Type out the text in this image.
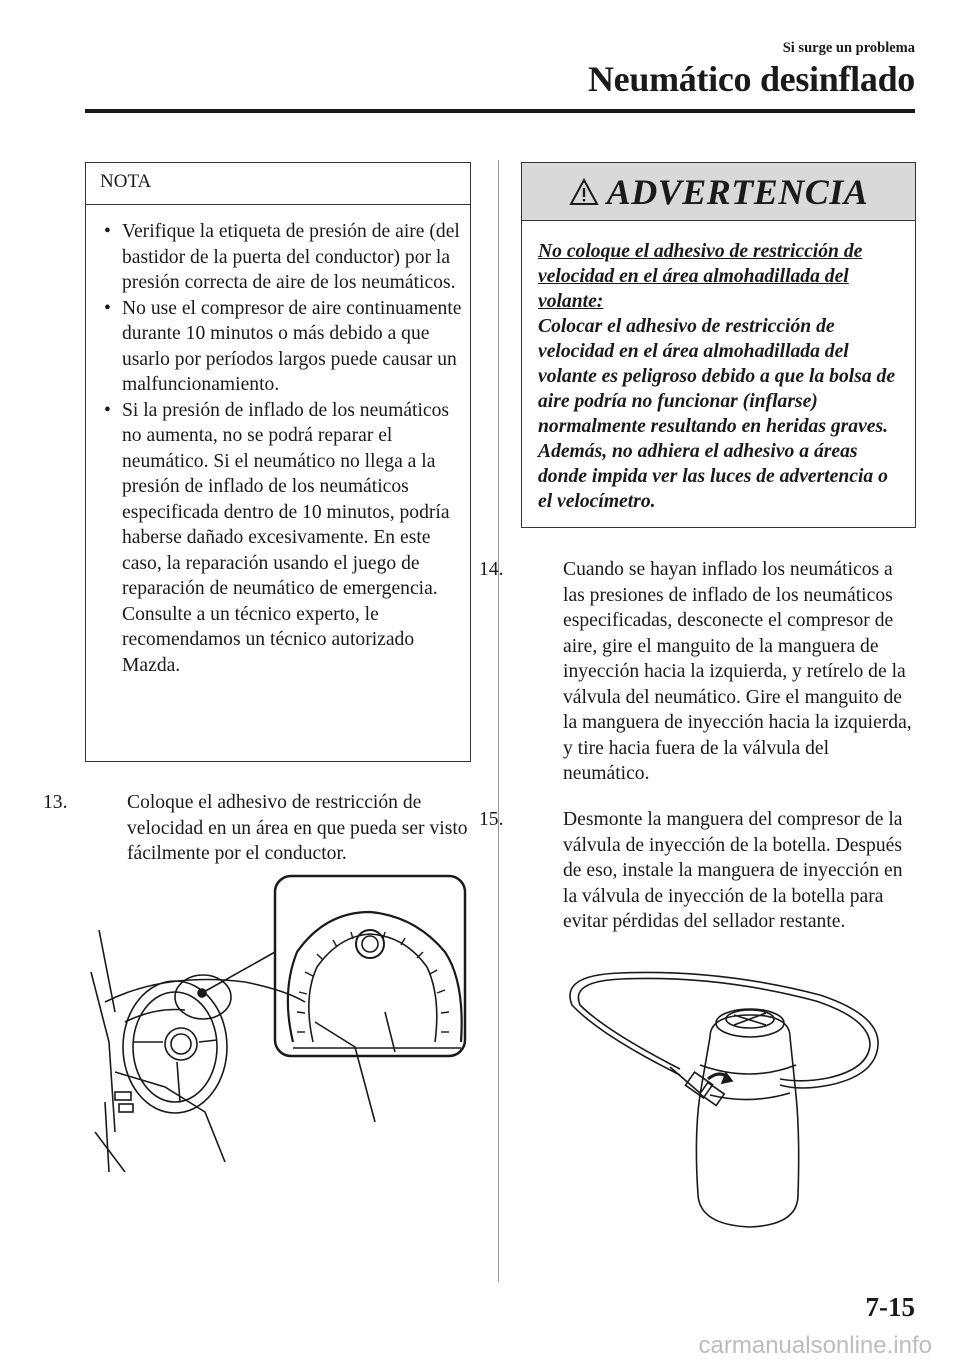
Si surge un problema
Neumático desinflado
NOTA
• Verifique la etiqueta de presión de aire (del bastidor de la puerta del conductor) por la presión correcta de aire de los neumáticos.
• No use el compresor de aire continuamente durante 10 minutos o más debido a que usarlo por períodos largos puede causar un malfuncionamiento.
• Si la presión de inflado de los neumáticos no aumenta, no se podrá reparar el neumático. Si el neumático no llega a la presión de inflado de los neumáticos especificada dentro de 10 minutos, podría haberse dañado excesivamente. En este caso, la reparación usando el juego de reparación de neumático de emergencia. Consulte a un técnico experto, le recomendamos un técnico autorizado Mazda.

13.	Coloque el adhesivo de restricción de velocidad en un área en que pueda ser visto fácilmente por el conductor.

ADVERTENCIA
No coloque el adhesivo de restricción de velocidad en el área almohadillada del volante:
Colocar el adhesivo de restricción de velocidad en el área almohadillada del volante es peligroso debido a que la bolsa de aire podría no funcionar (inflarse) normalmente resultando en heridas graves. Además, no adhiera el adhesivo a áreas donde impida ver las luces de advertencia o el velocímetro.

14.	Cuando se hayan inflado los neumáticos a las presiones de inflado de los neumáticos especificadas, desconecte el compresor de aire, gire el manguito de la manguera de inyección hacia la izquierda, y retírelo de la válvula del neumático. Gire el manguito de la manguera de inyección hacia la izquierda, y tire hacia fuera de la válvula del neumático.

15.	Desmonte la manguera del compresor de la válvula de inyección de la botella. Después de eso, instale la manguera de inyección en la válvula de inyección de la botella para evitar pérdidas del sellador restante.

7-15
carmanualsonline.info
